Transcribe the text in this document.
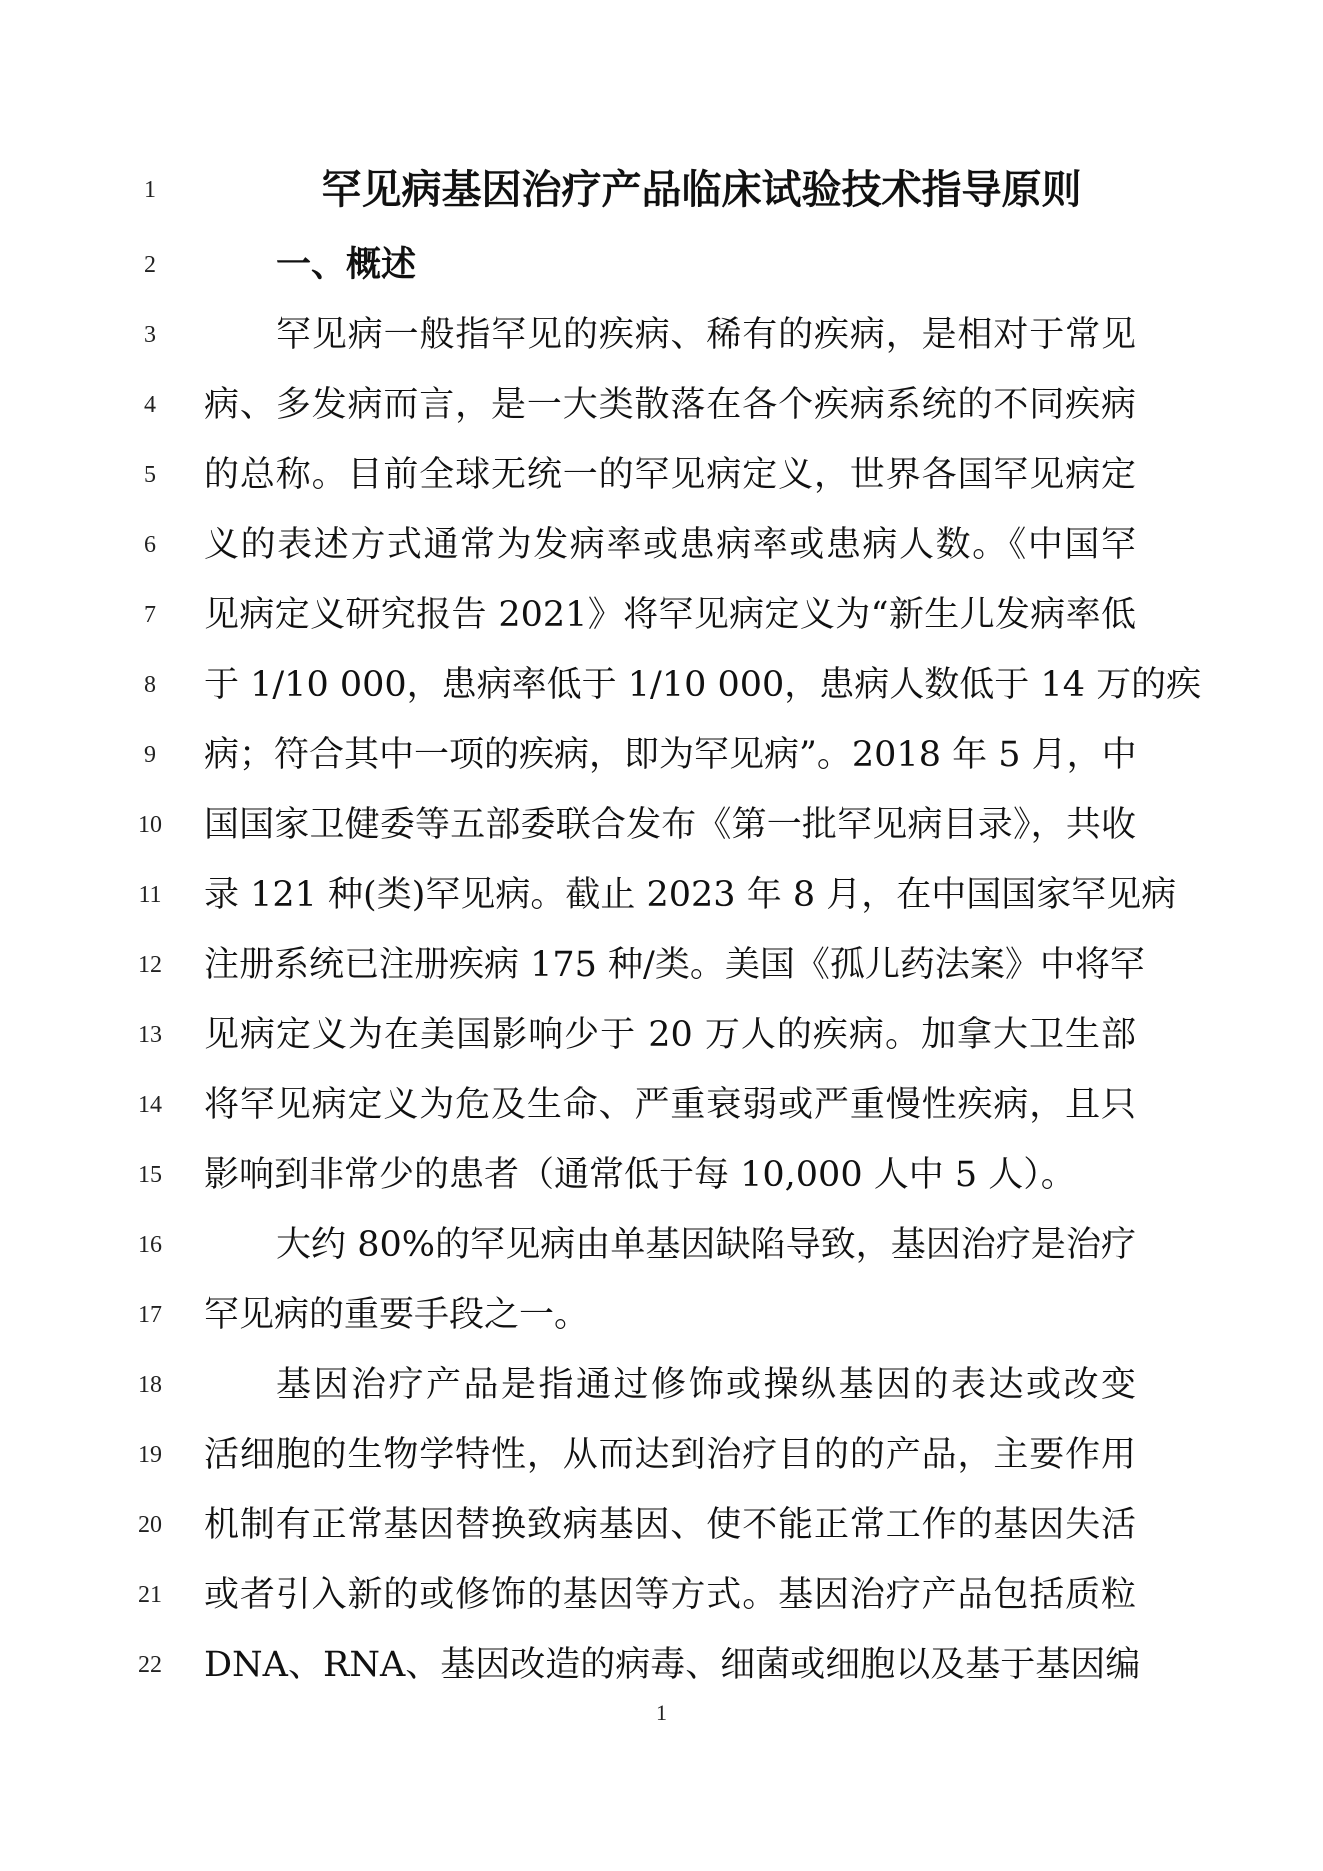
1	罕见病基因治疗产品临床试验技术指导原则
2	一、概述
3	罕见病一般指罕见的疾病、稀有的疾病，是相对于常见
4	病、多发病而言，是一大类散落在各个疾病系统的不同疾病
5	的总称。目前全球无统一的罕见病定义，世界各国罕见病定
6	义的表述方式通常为发病率或患病率或患病人数。《中国罕
7	见病定义研究报告 2021》将罕见病定义为“新生儿发病率低
8	于 1/10 000，患病率低于 1/10 000，患病人数低于 14 万的疾
9	病；符合其中一项的疾病，即为罕见病”。2018 年 5 月，中
10	国国家卫健委等五部委联合发布《第一批罕见病目录》，共收
11	录 121 种(类)罕见病。截止 2023 年 8 月，在中国国家罕见病
12	注册系统已注册疾病 175 种/类。美国《孤儿药法案》中将罕
13	见病定义为在美国影响少于 20 万人的疾病。加拿大卫生部
14	将罕见病定义为危及生命、严重衰弱或严重慢性疾病，且只
15	影响到非常少的患者（通常低于每 10,000 人中 5 人）。
16	大约 80%的罕见病由单基因缺陷导致，基因治疗是治疗
17	罕见病的重要手段之一。
18	基因治疗产品是指通过修饰或操纵基因的表达或改变
19	活细胞的生物学特性，从而达到治疗目的的产品，主要作用
20	机制有正常基因替换致病基因、使不能正常工作的基因失活
21	或者引入新的或修饰的基因等方式。基因治疗产品包括质粒
22	DNA、RNA、基因改造的病毒、细菌或细胞以及基于基因编
1
